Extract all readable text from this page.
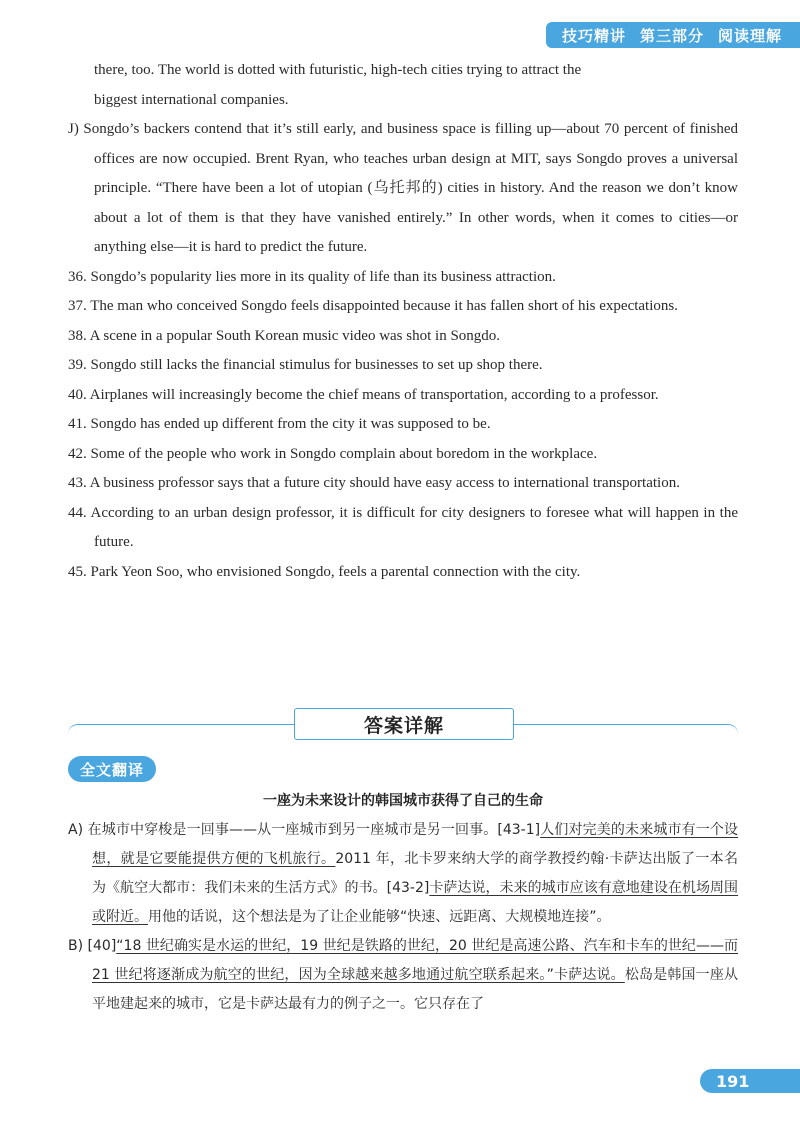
技巧精讲 第三部分 阅读理解
there, too. The world is dotted with futuristic, high-tech cities trying to attract the
biggest international companies.

J) Songdo’s backers contend that it’s still early, and business space is filling up—about 70 percent of finished offices are now occupied. Brent Ryan, who teaches urban design at MIT, says Songdo proves a universal principle. “There have been a lot of utopian (乌托邦的) cities in history. And the reason we don’t know about a lot of them is that they have vanished entirely.” In other words, when it comes to cities—or anything else—it is hard to predict the future.

36. Songdo’s popularity lies more in its quality of life than its business attraction.

37. The man who conceived Songdo feels disappointed because it has fallen short of his expectations.

38. A scene in a popular South Korean music video was shot in Songdo.

39. Songdo still lacks the financial stimulus for businesses to set up shop there.

40. Airplanes will increasingly become the chief means of transportation, according to a professor.

41. Songdo has ended up different from the city it was supposed to be.

42. Some of the people who work in Songdo complain about boredom in the workplace.

43. A business professor says that a future city should have easy access to international transportation.

44. According to an urban design professor, it is difficult for city designers to foresee what will happen in the future.

45. Park Yeon Soo, who envisioned Songdo, feels a parental connection with the city.

答案详解
全文翻译
一座为未来设计的韩国城市获得了自己的生命

A) 在城市中穿梭是一回事——从一座城市到另一座城市是另一回事。[43-1]人们对完美的未来城市有一个设想，就是它要能提供方便的飞机旅行。2011 年，北卡罗来纳大学的商学教授约翰·卡萨达出版了一本名为《航空大都市：我们未来的生活方式》的书。[43-2]卡萨达说，未来的城市应该有意地建设在机场周围或附近。用他的话说，这个想法是为了让企业能够“快速、远距离、大规模地连接”。

B) [40]“18 世纪确实是水运的世纪，19 世纪是铁路的世纪，20 世纪是高速公路、汽车和卡车的世纪——而 21 世纪将逐渐成为航空的世纪，因为全球越来越多地通过航空联系起来。”卡萨达说。松岛是韩国一座从平地建起来的城市，它是卡萨达最有力的例子之一。它只存在了

191
